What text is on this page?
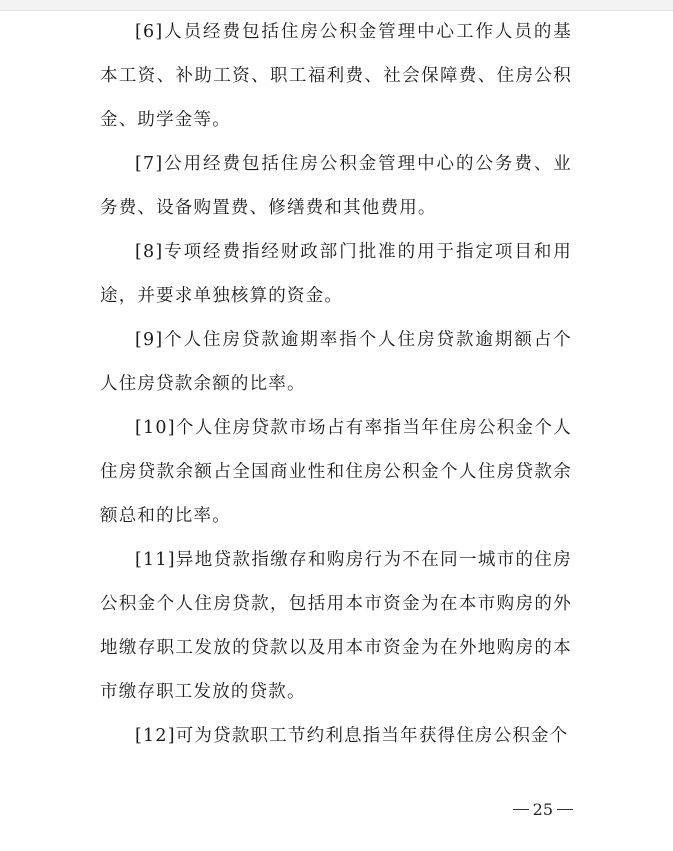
[6]人员经费包括住房公积金管理中心工作人员的基本工资、补助工资、职工福利费、社会保障费、住房公积金、助学金等。

[7]公用经费包括住房公积金管理中心的公务费、业务费、设备购置费、修缮费和其他费用。

[8]专项经费指经财政部门批准的用于指定项目和用途，并要求单独核算的资金。

[9]个人住房贷款逾期率指个人住房贷款逾期额占个人住房贷款余额的比率。

[10]个人住房贷款市场占有率指当年住房公积金个人住房贷款余额占全国商业性和住房公积金个人住房贷款余额总和的比率。

[11]异地贷款指缴存和购房行为不在同一城市的住房公积金个人住房贷款，包括用本市资金为在本市购房的外地缴存职工发放的贷款以及用本市资金为在外地购房的本市缴存职工发放的贷款。

[12]可为贷款职工节约利息指当年获得住房公积金个

25
